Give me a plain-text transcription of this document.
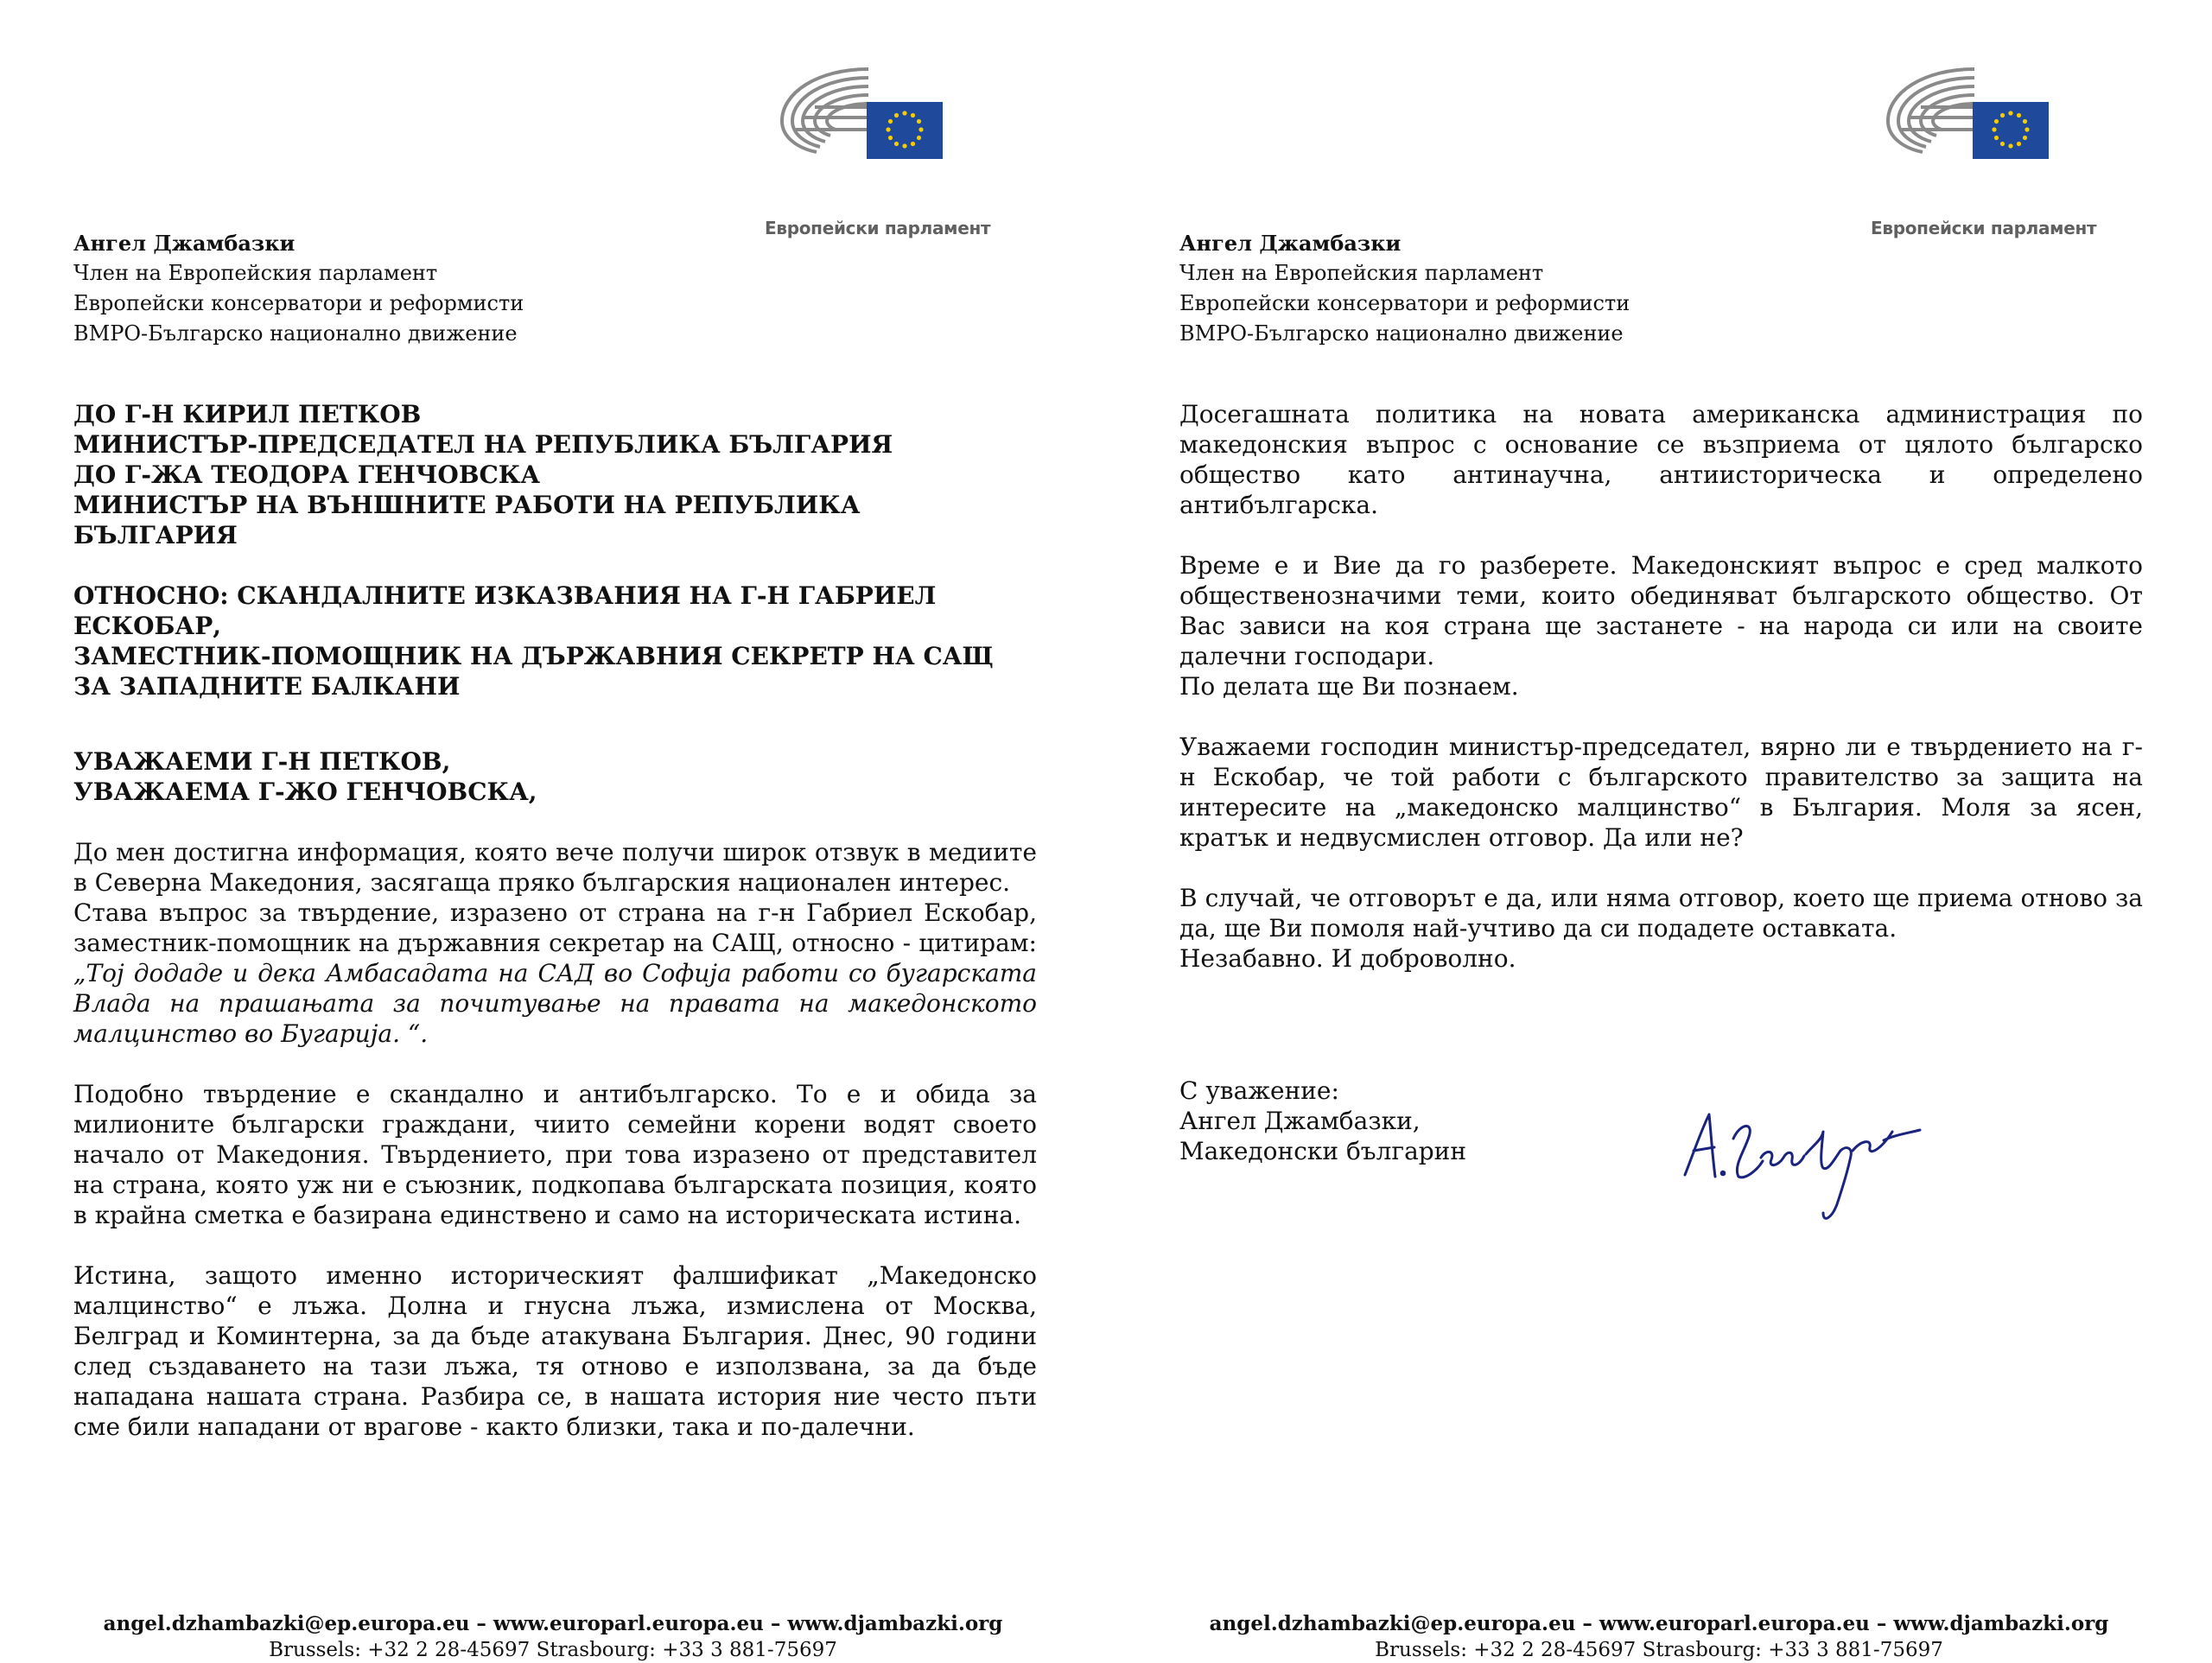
Европейски парламент
Ангел Джамбазки
Член на Европейския парламент
Европейски консерватори и реформисти
ВМРО-Българско национално движение
ДО Г-Н КИРИЛ ПЕТКОВ
МИНИСТЪР-ПРЕДСЕДАТЕЛ НА РЕПУБЛИКА БЪЛГАРИЯ
ДО Г-ЖА ТЕОДОРА ГЕНЧОВСКА
МИНИСТЪР НА ВЪНШНИТЕ РАБОТИ НА РЕПУБЛИКА
БЪЛГАРИЯ
ОТНОСНО: СКАНДАЛНИТЕ ИЗКАЗВАНИЯ НА Г-Н ГАБРИЕЛ
ЕСКОБАР,
ЗАМЕСТНИК-ПОМОЩНИК НА ДЪРЖАВНИЯ СЕКРЕТР НА САЩ
ЗА ЗАПАДНИТЕ БАЛКАНИ
УВАЖАЕМИ Г-Н ПЕТКОВ,
УВАЖАЕМА Г-ЖО ГЕНЧОВСКА,

До мен достигна информация, която вече получи широк отзвук в медиите в Северна Македония, засягаща пряко българския национален интерес.

Става въпрос за твърдение, изразено от страна на г-н Габриел Ескобар, заместник-помощник на държавния секретар на САЩ, относно - цитирам: „Тој додаде и дека Амбасадата на САД во Софија работи со бугарската Влада на прашањата за почитување на правата на македонското малцинство во Бугарија. “.

Подобно твърдение е скандално и антибългарско. То е и обида за милионите български граждани, чиито семейни корени водят своето начало от Македония. Твърдението, при това изразено от представител на страна, която уж ни е съюзник, подкопава българската позиция, която в крайна сметка е базирана единствено и само на историческата истина.

Истина, защото именно историческият фалшификат „Македонско малцинство“ е лъжа. Долна и гнусна лъжа, измислена от Москва, Белград и Коминтерна, за да бъде атакувана България. Днес, 90 години след създаването на тази лъжа, тя отново е използвана, за да бъде нападана нашата страна. Разбира се, в нашата история ние често пъти сме били нападани от врагове - както близки, така и по-далечни.

angel.dzhambazki@ep.europa.eu – www.europarl.europa.eu – www.djambazki.org
Brussels: +32 2 28-45697 Strasbourg: +33 3 881-75697
Европейски парламент
Ангел Джамбазки
Член на Европейския парламент
Европейски консерватори и реформисти
ВМРО-Българско национално движение

Досегашната политика на новата американска администрация по македонския въпрос с основание се възприема от цялото българско общество като антинаучна, антиисторическа и определено антибългарска.

Време е и Вие да го разберете. Македонският въпрос е сред малкото общественозначими теми, които обединяват българското общество. От Вас зависи на коя страна ще застанете - на народа си или на своите далечни господари.

По делата ще Ви познаем.

Уважаеми господин министър-председател, вярно ли е твърдението на г-н Ескобар, че той работи с българското правителство за защита на интересите на „македонско малцинство“ в България. Моля за ясен, кратък и недвусмислен отговор. Да или не?

В случай, че отговорът е да, или няма отговор, което ще приема отново за да, ще Ви помоля най-учтиво да си подадете оставката.

Незабавно. И доброволно.

С уважение:
Ангел Джамбазки,
Македонски българин
angel.dzhambazki@ep.europa.eu – www.europarl.europa.eu – www.djambazki.org
Brussels: +32 2 28-45697 Strasbourg: +33 3 881-75697
